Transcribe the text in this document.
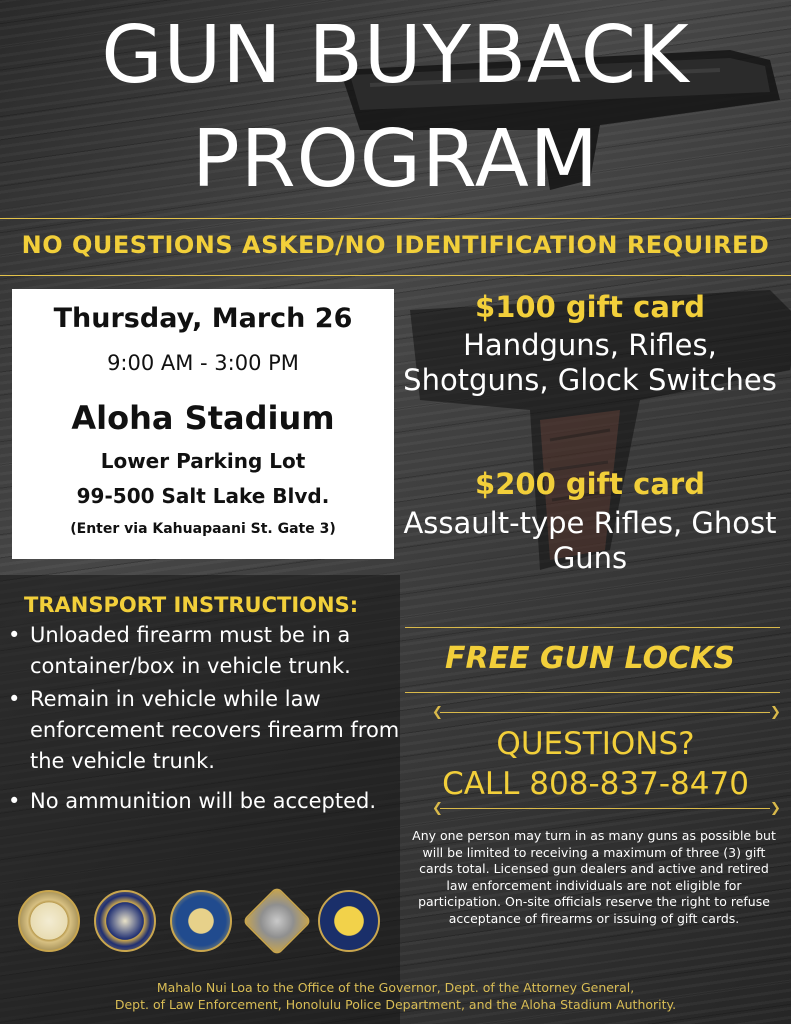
GUN BUYBACK
PROGRAM
NO QUESTIONS ASKED/NO IDENTIFICATION REQUIRED
Thursday, March 26
9:00 AM - 3:00 PM
Aloha Stadium
Lower Parking Lot
99-500 Salt Lake Blvd.
(Enter via Kahuapaani St. Gate 3)
TRANSPORT INSTRUCTIONS:
• Unloaded firearm must be in a container/box in vehicle trunk.
• Remain in vehicle while law enforcement recovers firearm from the vehicle trunk.
• No ammunition will be accepted.
$100 gift card
Handguns, Rifles, Shotguns, Glock Switches
$200 gift card
Assault-type Rifles, Ghost Guns
FREE GUN LOCKS
❮	❯
QUESTIONS?
CALL 808-837-8470
❮	❯
Any one person may turn in as many guns as possible but will be limited to receiving a maximum of three (3) gift cards total. Licensed gun dealers and active and retired law enforcement individuals are not eligible for participation. On-site officials reserve the right to refuse acceptance of firearms or issuing of gift cards.
Mahalo Nui Loa to the Office of the Governor, Dept. of the Attorney General,
Dept. of Law Enforcement, Honolulu Police Department, and the Aloha Stadium Authority.
